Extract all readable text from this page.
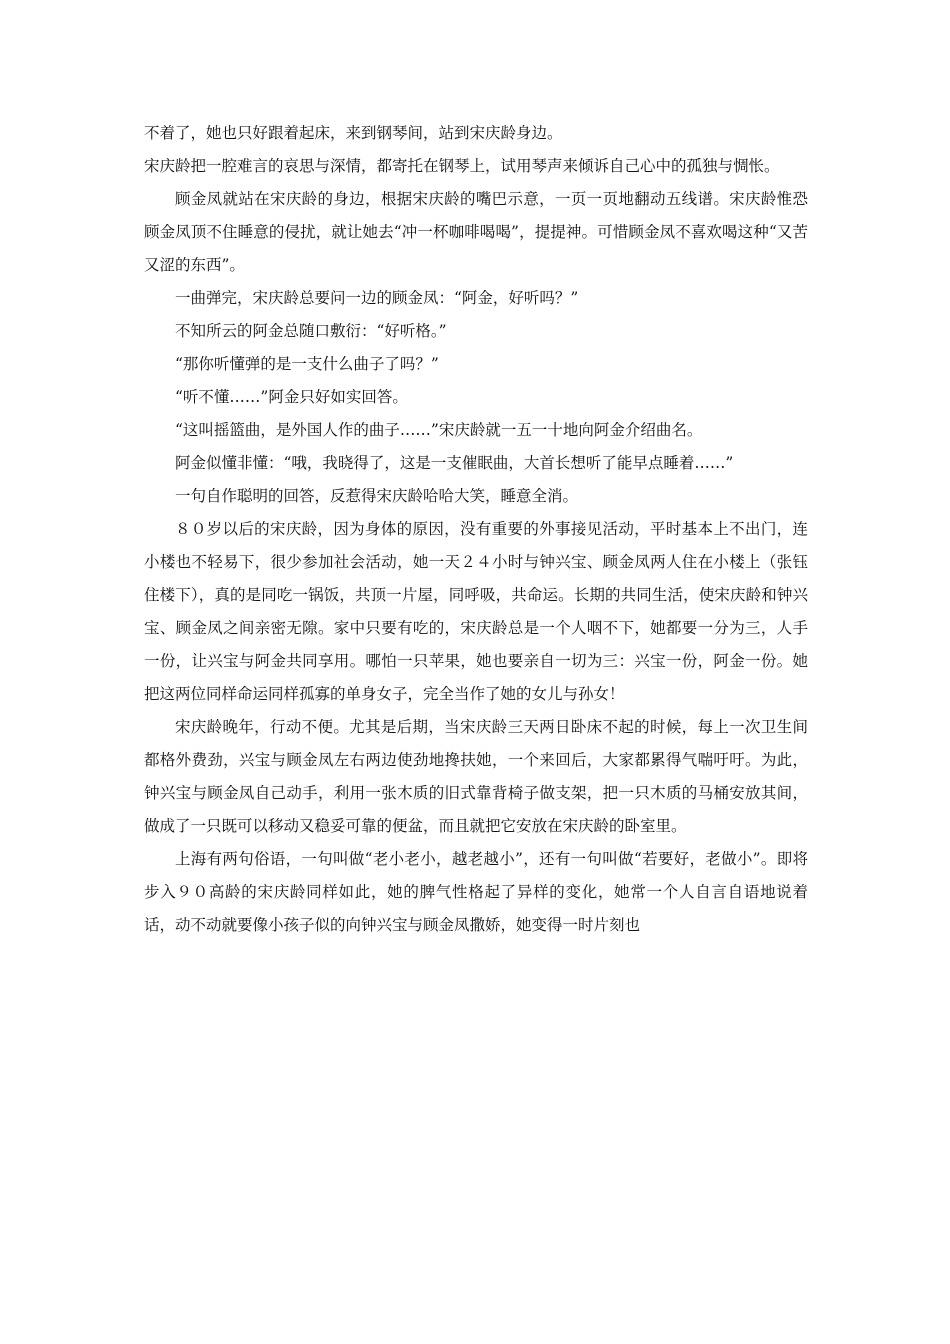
不着了，她也只好跟着起床，来到钢琴间，站到宋庆龄身边。

宋庆龄把一腔难言的哀思与深情，都寄托在钢琴上，试用琴声来倾诉自己心中的孤独与惆怅。

顾金凤就站在宋庆龄的身边，根据宋庆龄的嘴巴示意，一页一页地翻动五线谱。宋庆龄惟恐顾金凤顶不住睡意的侵扰，就让她去“冲一杯咖啡喝喝”，提提神。可惜顾金凤不喜欢喝这种“又苦又涩的东西”。

一曲弹完，宋庆龄总要问一边的顾金凤：“阿金，好听吗？”

不知所云的阿金总随口敷衍：“好听格。”

“那你听懂弹的是一支什么曲子了吗？”

“听不懂……”阿金只好如实回答。

“这叫摇篮曲，是外国人作的曲子……”宋庆龄就一五一十地向阿金介绍曲名。

阿金似懂非懂：“哦，我晓得了，这是一支催眠曲，大首长想听了能早点睡着……”

一句自作聪明的回答，反惹得宋庆龄哈哈大笑，睡意全消。

８０岁以后的宋庆龄，因为身体的原因，没有重要的外事接见活动，平时基本上不出门，连小楼也不轻易下，很少参加社会活动，她一天２４小时与钟兴宝、顾金凤两人住在小楼上（张钰住楼下），真的是同吃一锅饭，共顶一片屋，同呼吸，共命运。长期的共同生活，使宋庆龄和钟兴宝、顾金凤之间亲密无隙。家中只要有吃的，宋庆龄总是一个人咽不下，她都要一分为三，人手一份，让兴宝与阿金共同享用。哪怕一只苹果，她也要亲自一切为三：兴宝一份，阿金一份。她把这两位同样命运同样孤寡的单身女子，完全当作了她的女儿与孙女！

宋庆龄晚年，行动不便。尤其是后期，当宋庆龄三天两日卧床不起的时候，每上一次卫生间都格外费劲，兴宝与顾金凤左右两边使劲地搀扶她，一个来回后，大家都累得气喘吁吁。为此，钟兴宝与顾金凤自己动手，利用一张木质的旧式靠背椅子做支架，把一只木质的马桶安放其间，做成了一只既可以移动又稳妥可靠的便盆，而且就把它安放在宋庆龄的卧室里。

上海有两句俗语，一句叫做“老小老小，越老越小”，还有一句叫做“若要好，老做小”。即将步入９０高龄的宋庆龄同样如此，她的脾气性格起了异样的变化，她常一个人自言自语地说着话，动不动就要像小孩子似的向钟兴宝与顾金凤撒娇，她变得一时片刻也
